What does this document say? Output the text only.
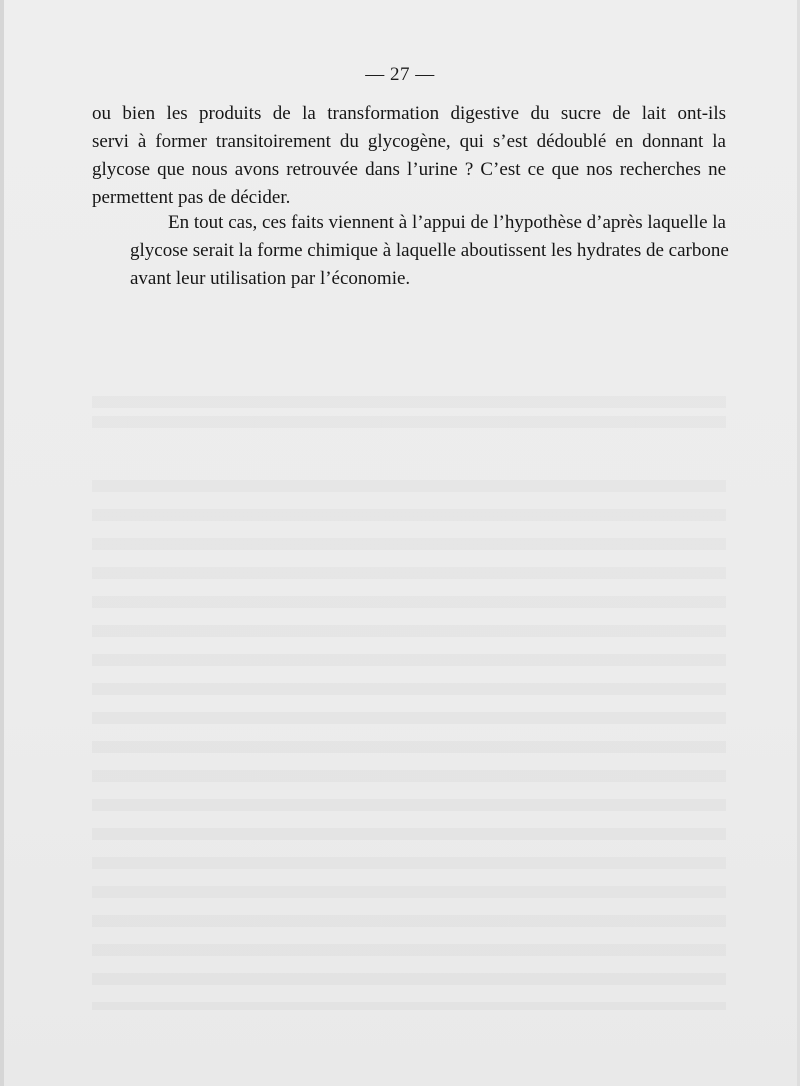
— 27 —
ou bien les produits de la transformation digestive du sucre de lait ont-ils
servi à former transitoirement du glycogène, qui s’est dédoublé en donnant la
glycose que nous avons retrouvée dans l’urine ? C’est ce que nos recherches ne
permettent pas de décider.
En tout cas, ces faits viennent à l’appui de l’hypothèse d’après laquelle la
glycose serait la forme chimique à laquelle aboutissent les hydrates de carbone
avant leur utilisation par l’économie.
